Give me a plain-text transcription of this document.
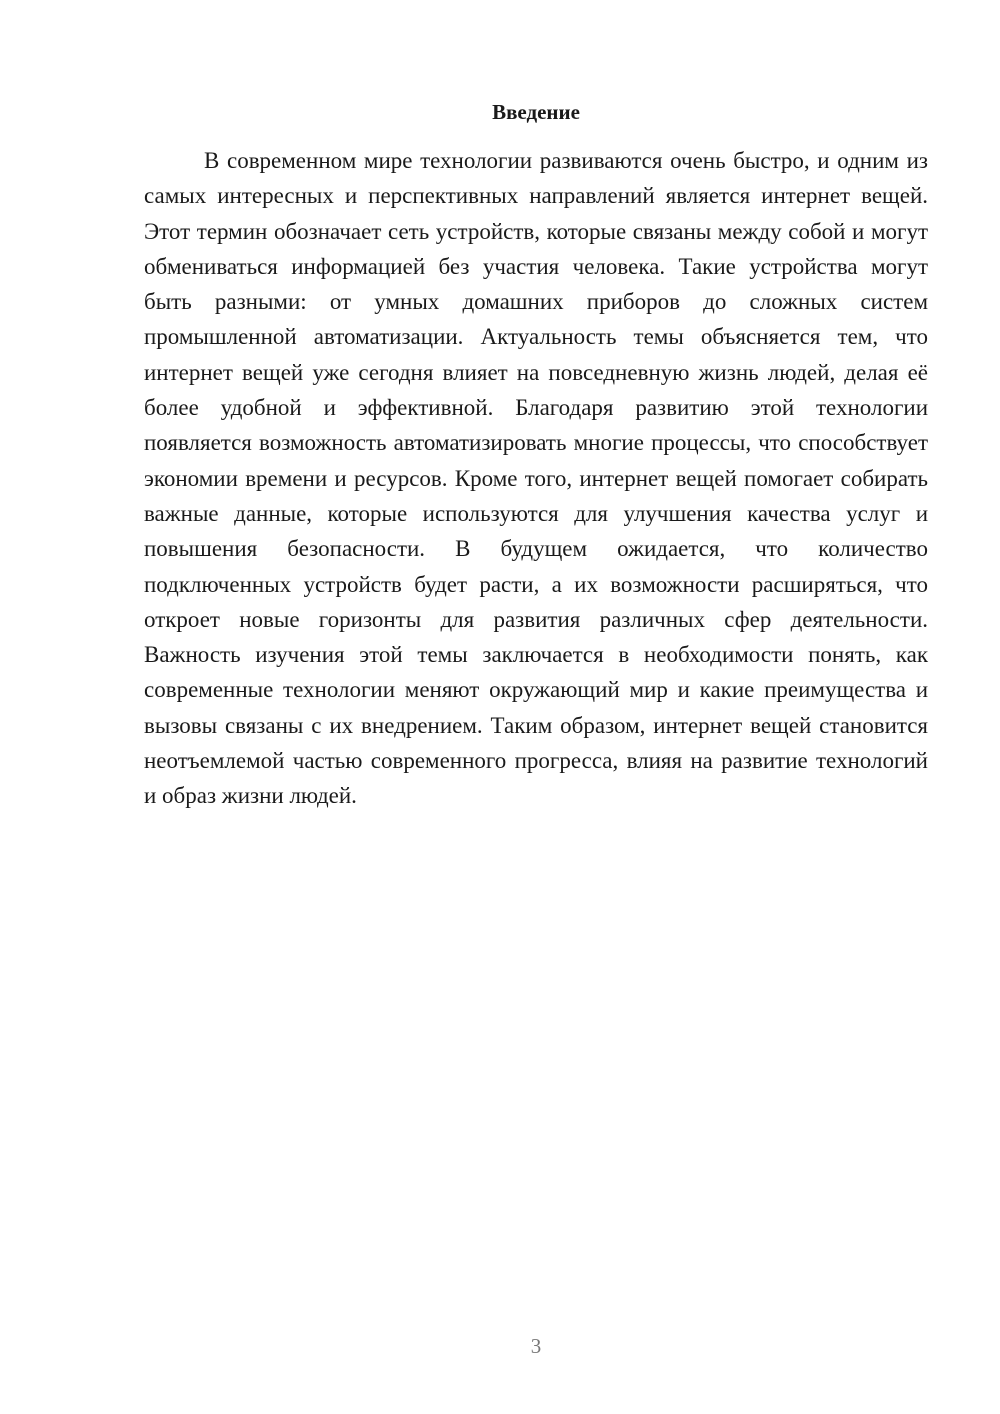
Введение

В современном мире технологии развиваются очень быстро, и одним из самых интересных и перспективных направлений является интернет вещей. Этот термин обозначает сеть устройств, которые связаны между собой и могут обмениваться информацией без участия человека. Такие устройства могут быть разными: от умных домашних приборов до сложных систем промышленной автоматизации. Актуальность темы объясняется тем, что интернет вещей уже сегодня влияет на повседневную жизнь людей, делая её более удобной и эффективной. Благодаря развитию этой технологии появляется возможность автоматизировать многие процессы, что способствует экономии времени и ресурсов. Кроме того, интернет вещей помогает собирать важные данные, которые используются для улучшения качества услуг и повышения безопасности. В будущем ожидается, что количество подключенных устройств будет расти, а их возможности расширяться, что откроет новые горизонты для развития различных сфер деятельности. Важность изучения этой темы заключается в необходимости понять, как современные технологии меняют окружающий мир и какие преимущества и вызовы связаны с их внедрением. Таким образом, интернет вещей становится неотъемлемой частью современного прогресса, влияя на развитие технологий и образ жизни людей.

3
